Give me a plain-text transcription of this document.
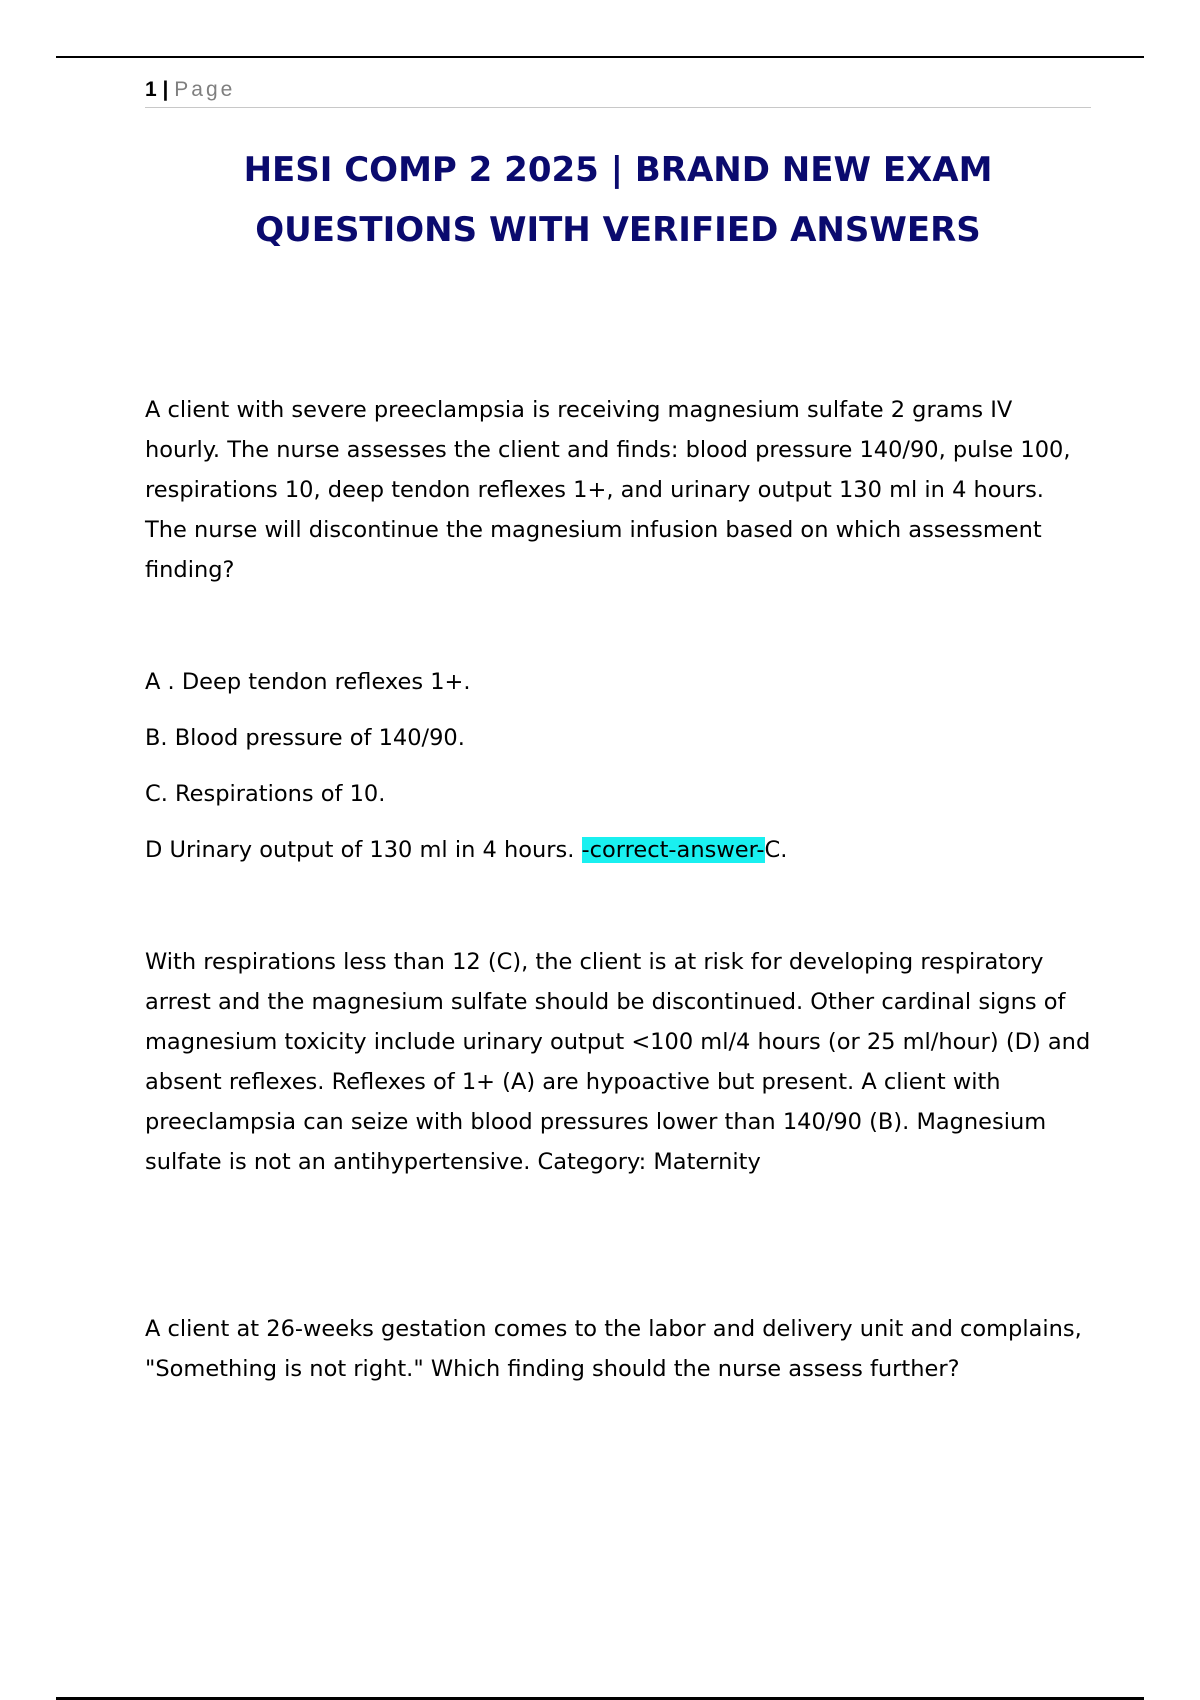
1 | Page
HESI COMP 2 2025 | BRAND NEW EXAM
QUESTIONS WITH VERIFIED ANSWERS

A client with severe preeclampsia is receiving magnesium sulfate 2 grams IV hourly. The nurse assesses the client and finds: blood pressure 140/90, pulse 100, respirations 10, deep tendon reflexes 1+, and urinary output 130 ml in 4 hours. The nurse will discontinue the magnesium infusion based on which assessment finding?

A . Deep tendon reflexes 1+.
B. Blood pressure of 140/90.
C. Respirations of 10.
D Urinary output of 130 ml in 4 hours. -correct-answer-C.

With respirations less than 12 (C), the client is at risk for developing respiratory arrest and the magnesium sulfate should be discontinued. Other cardinal signs of magnesium toxicity include urinary output <100 ml/4 hours (or 25 ml/hour) (D) and absent reflexes. Reflexes of 1+ (A) are hypoactive but present. A client with preeclampsia can seize with blood pressures lower than 140/90 (B). Magnesium sulfate is not an antihypertensive. Category: Maternity

A client at 26-weeks gestation comes to the labor and delivery unit and complains, "Something is not right." Which finding should the nurse assess further?
